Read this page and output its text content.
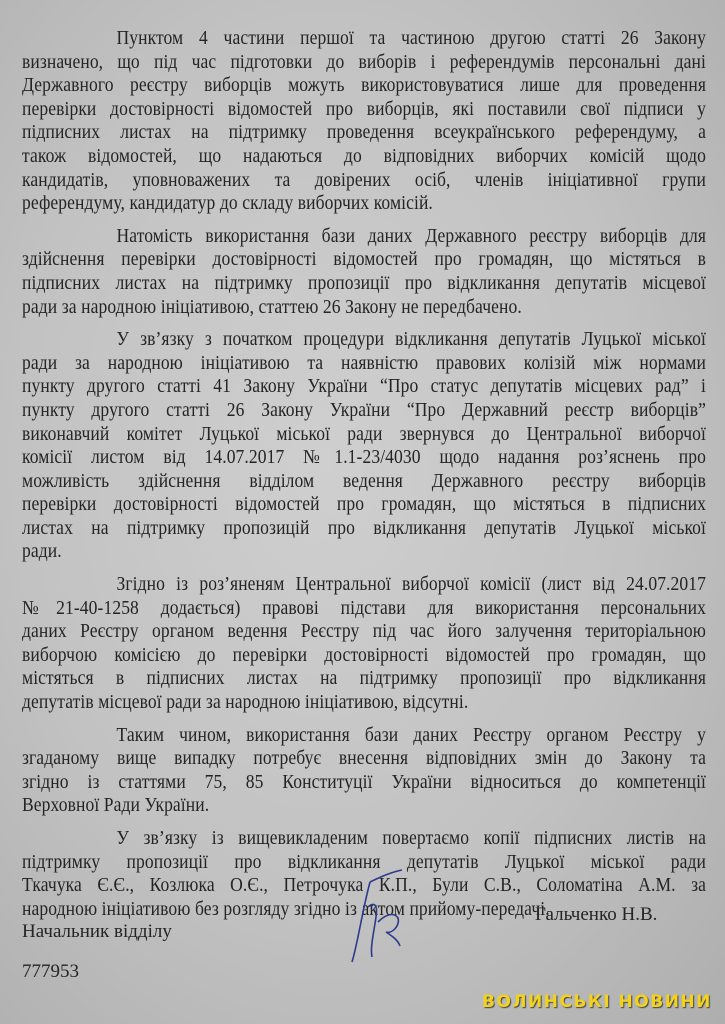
Пунктом 4 частини першої та частиною другою статті 26 Закону
визначено, що під час підготовки до виборів і референдумів персональні дані
Державного реєстру виборців можуть використовуватися лише для проведення
перевірки достовірності відомостей про виборців, які поставили свої підписи у
підписних листах на підтримку проведення всеукраїнського референдуму, а
також відомостей, що надаються до відповідних виборчих комісій щодо
кандидатів, уповноважених та довірених осіб, членів ініціативної групи
референдуму, кандидатур до складу виборчих комісій.
Натомість використання бази даних Державного реєстру виборців для
здійснення перевірки достовірності відомостей про громадян, що містяться в
підписних листах на підтримку пропозиції про відкликання депутатів місцевої
ради за народною ініціативою, статтею 26 Закону не передбачено.
У зв’язку з початком процедури відкликання депутатів Луцької міської
ради за народною ініціативою та наявністю правових колізій між нормами
пункту другого статті 41 Закону України “Про статус депутатів місцевих рад” і
пункту другого статті 26 Закону України “Про Державний реєстр виборців”
виконавчий комітет Луцької міської ради звернувся до Центральної виборчої
комісії листом від 14.07.2017 №1.1-23/4030 щодо надання роз’яснень про
можливість здійснення відділом ведення Державного реєстру виборців
перевірки достовірності відомостей про громадян, що містяться в підписних
листах на підтримку пропозицій про відкликання депутатів Луцької міської
ради.
Згідно із роз’яненям Центральної виборчої комісії (лист від 24.07.2017
№21-40-1258 додається) правові підстави для використання персональних
даних Реєстру органом ведення Реєстру під час його залучення територіальною
виборчою комісією до перевірки достовірності відомостей про громадян, що
містяться в підписних листах на підтримку пропозиції про відкликання
депутатів місцевої ради за народною ініціативою, відсутні.
Таким чином, використання бази даних Реєстру органом Реєстру у
згаданому вище випадку потребує внесення відповідних змін до Закону та
згідно із статтями 75, 85 Конституції України відноситься до компетенції
Верховної Ради України.
У зв’язку із вищевикладеним повертаємо копії підписних листів на
підтримку пропозиції про відкликання депутатів Луцької міської ради
Ткачука Є.Є., Козлюка О.Є., Петрочука К.П., Були С.В., Соломатіна А.М. за
народною ініціативою без розгляду згідно із актом прийому-передачі.
Начальник відділу
Гальченко Н.В.
777953
ВОЛИНСЬКІ НОВИНИ
